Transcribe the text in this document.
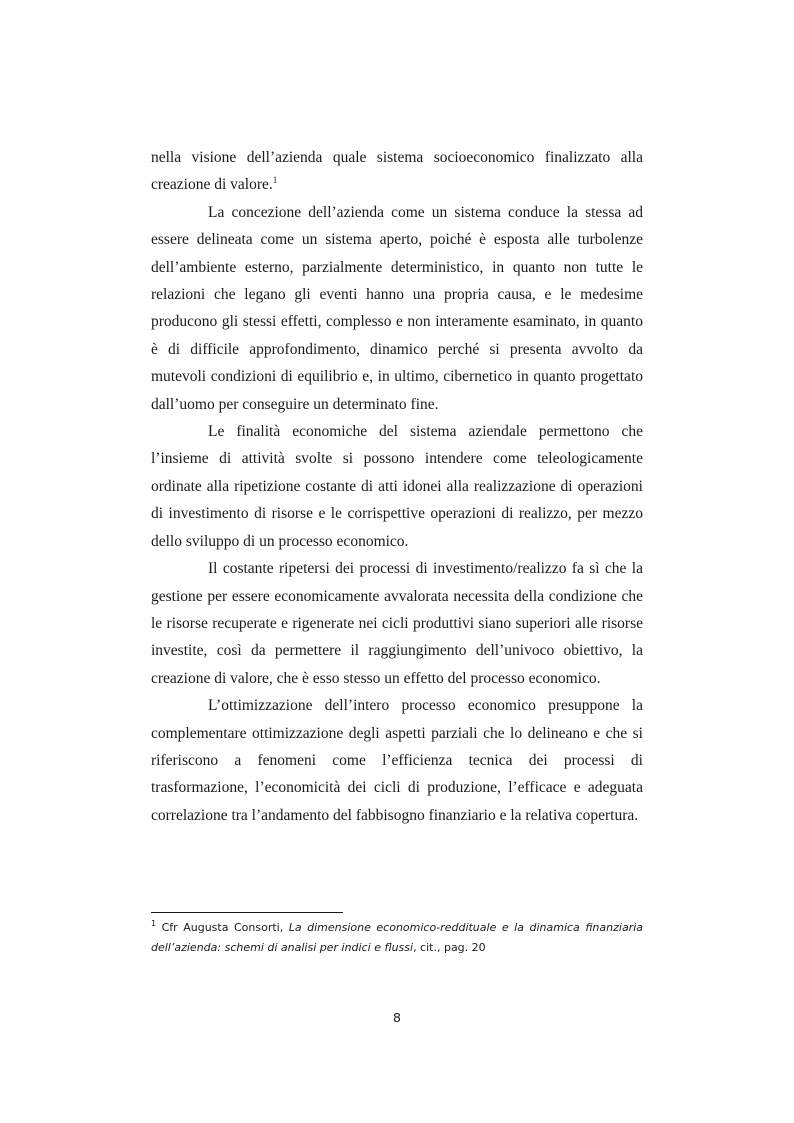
nella visione dell’azienda quale sistema socioeconomico finalizzato alla creazione di valore.$^1$

La concezione dell’azienda come un sistema conduce la stessa ad essere delineata come un sistema aperto, poiché è esposta alle turbolenze dell’ambiente esterno, parzialmente deterministico, in quanto non tutte le relazioni che legano gli eventi hanno una propria causa, e le medesime producono gli stessi effetti, complesso e non interamente esaminato, in quanto è di difficile approfondimento, dinamico perché si presenta avvolto da mutevoli condizioni di equilibrio e, in ultimo, cibernetico in quanto progettato dall’uomo per conseguire un determinato fine.

Le finalità economiche del sistema aziendale permettono che l’insieme di attività svolte si possono intendere come teleologicamente ordinate alla ripetizione costante di atti idonei alla realizzazione di operazioni di investimento di risorse e le corrispettive operazioni di realizzo, per mezzo dello sviluppo di un processo economico.

Il costante ripetersi dei processi di investimento/realizzo fa sì che la gestione per essere economicamente avvalorata necessita della condizione che le risorse recuperate e rigenerate nei cicli produttivi siano superiori alle risorse investite, così da permettere il raggiungimento dell’univoco obiettivo, la creazione di valore, che è esso stesso un effetto del processo economico.

L’ottimizzazione dell’intero processo economico presuppone la complementare ottimizzazione degli aspetti parziali che lo delineano e che si riferiscono a fenomeni come l’efficienza tecnica dei processi di trasformazione, l’economicità dei cicli di produzione, l’efficace e adeguata correlazione tra l’andamento del fabbisogno finanziario e la relativa copertura.

$^1$ Cfr Augusta Consorti, La dimensione economico-reddituale e la dinamica finanziaria dell’azienda: schemi di analisi per indici e flussi, cit., pag. 20
8
